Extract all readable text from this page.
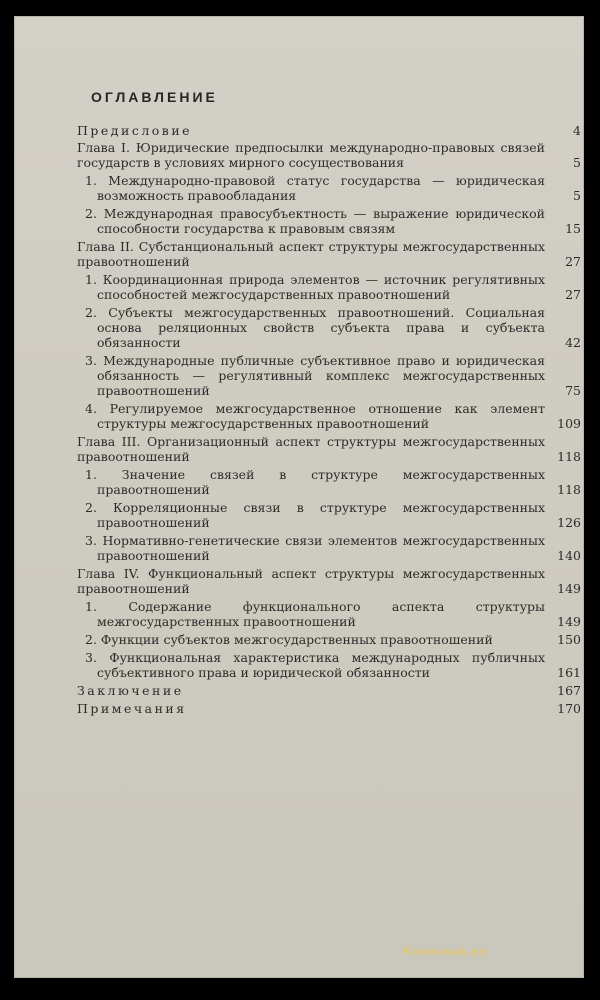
ОГЛАВЛЕНИЕ
Предисловие	4
Глава I. Юридические предпосылки международно-правовых связей государств в условиях мирного сосуществования	5
1. Международно-правовой статус государства — юридическая возможность правообладания	5
2. Международная правосубъектность — выражение юридической способности государства к правовым связям	15
Глава II. Субстанциональный аспект структуры межгосударственных правоотношений	27
1. Координационная природа элементов — источник регулятивных способностей межгосударственных правоотношений	27
2. Субъекты межгосударственных правоотношений. Социальная основа реляционных свойств субъекта права и субъекта обязанности	42
3. Международные публичные субъективное право и юридическая обязанность — регулятивный комплекс межгосударственных правоотношений	75
4. Регулируемое межгосударственное отношение как элемент структуры межгосударственных правоотношений	109
Глава III. Организационный аспект структуры межгосударственных правоотношений	118
1. Значение связей в структуре межгосударственных правоотношений	118
2. Корреляционные связи в структуре межгосударственных правоотношений	126
3. Нормативно-генетические связи элементов межгосударственных правоотношений	140
Глава IV. Функциональный аспект структуры межгосударственных правоотношений	149
1. Содержание функционального аспекта структуры межгосударственных правоотношений	149
2. Функции субъектов межгосударственных правоотношений	150
3. Функциональная характеристика международных публичных субъективного права и юридической обязанности	161
Заключение	167
Примечания	170
Книжный.ру
